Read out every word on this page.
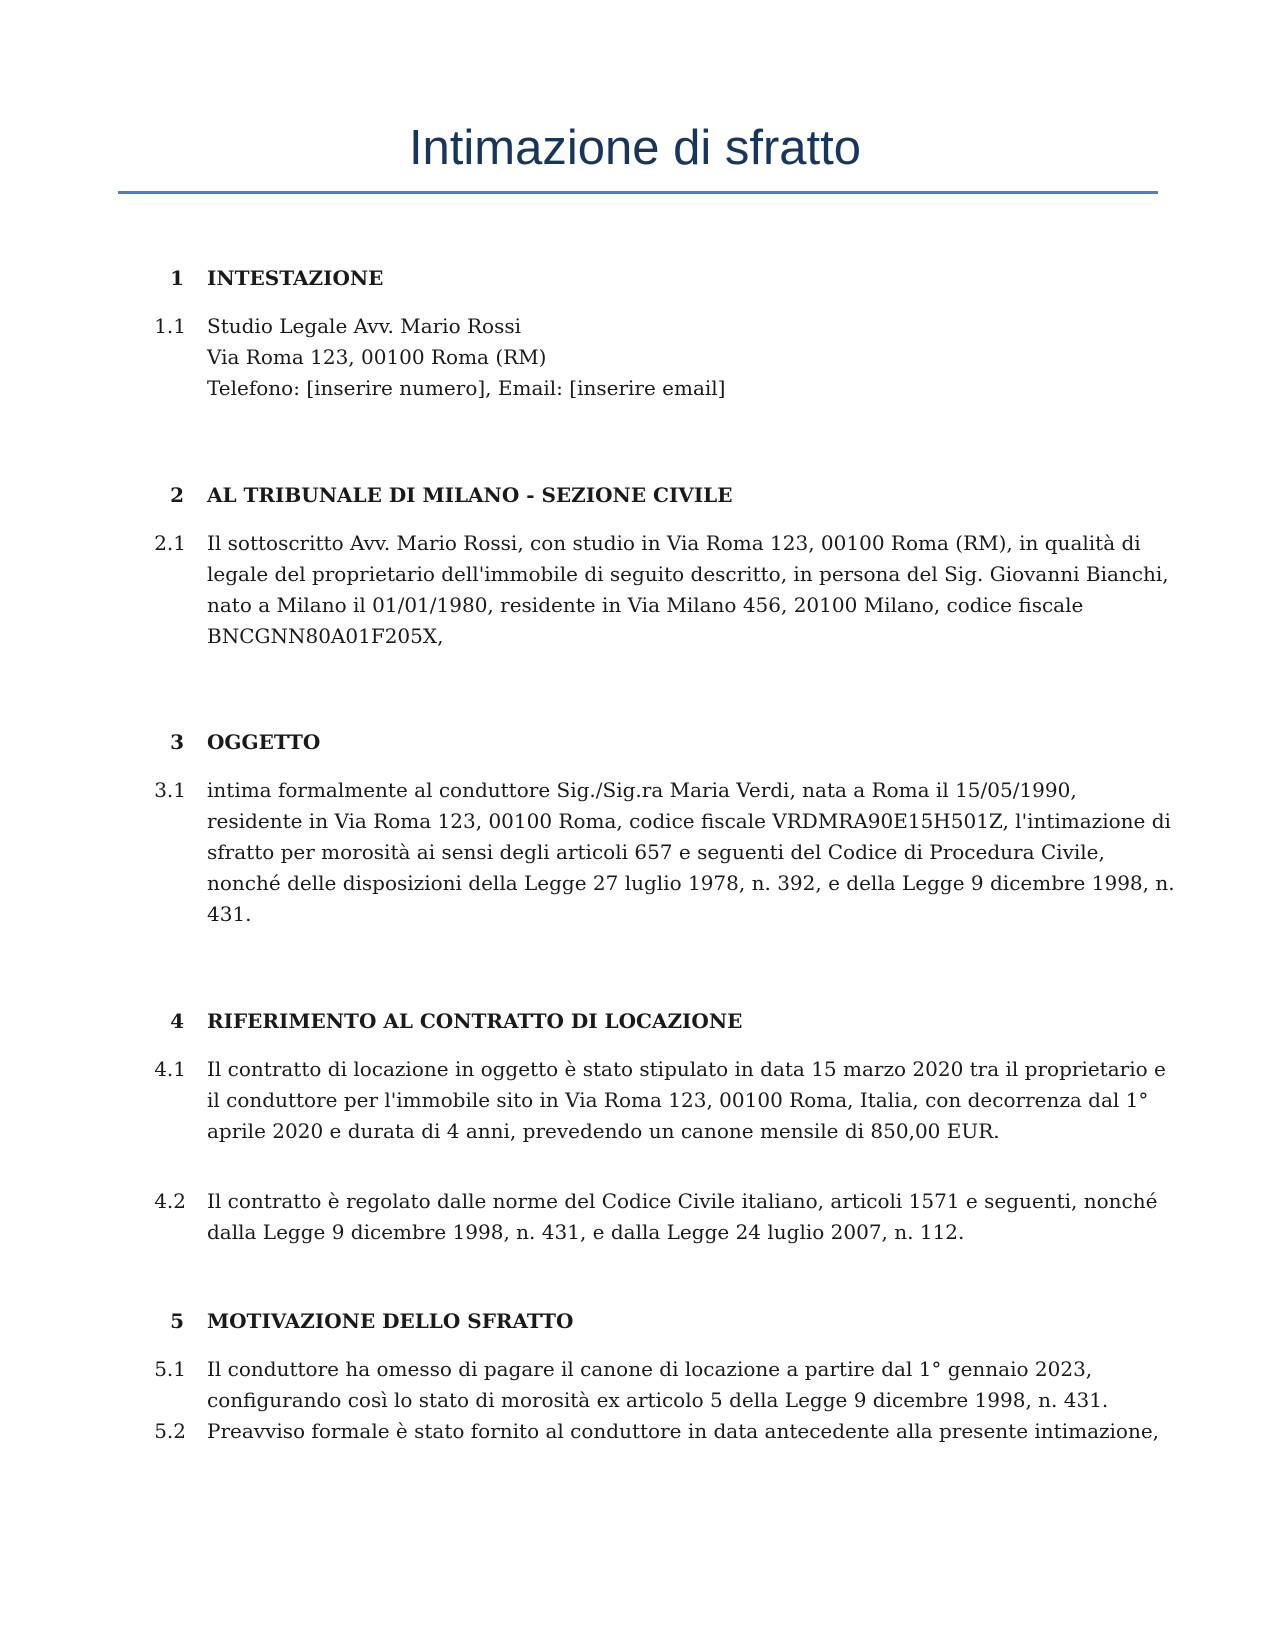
Intimazione di sfratto
1 INTESTAZIONE
1.1 Studio Legale Avv. Mario Rossi
Via Roma 123, 00100 Roma (RM)
Telefono: [inserire numero], Email: [inserire email]
2 AL TRIBUNALE DI MILANO - SEZIONE CIVILE
2.1 Il sottoscritto Avv. Mario Rossi, con studio in Via Roma 123, 00100 Roma (RM), in qualità di
legale del proprietario dell'immobile di seguito descritto, in persona del Sig. Giovanni Bianchi,
nato a Milano il 01/01/1980, residente in Via Milano 456, 20100 Milano, codice fiscale
BNCGNN80A01F205X,
3 OGGETTO
3.1 intima formalmente al conduttore Sig./Sig.ra Maria Verdi, nata a Roma il 15/05/1990,
residente in Via Roma 123, 00100 Roma, codice fiscale VRDMRA90E15H501Z, l'intimazione di
sfratto per morosità ai sensi degli articoli 657 e seguenti del Codice di Procedura Civile,
nonché delle disposizioni della Legge 27 luglio 1978, n. 392, e della Legge 9 dicembre 1998, n.
431.
4 RIFERIMENTO AL CONTRATTO DI LOCAZIONE
4.1 Il contratto di locazione in oggetto è stato stipulato in data 15 marzo 2020 tra il proprietario e
il conduttore per l'immobile sito in Via Roma 123, 00100 Roma, Italia, con decorrenza dal 1°
aprile 2020 e durata di 4 anni, prevedendo un canone mensile di 850,00 EUR.
4.2 Il contratto è regolato dalle norme del Codice Civile italiano, articoli 1571 e seguenti, nonché
dalla Legge 9 dicembre 1998, n. 431, e dalla Legge 24 luglio 2007, n. 112.
5 MOTIVAZIONE DELLO SFRATTO
5.1 Il conduttore ha omesso di pagare il canone di locazione a partire dal 1° gennaio 2023,
configurando così lo stato di morosità ex articolo 5 della Legge 9 dicembre 1998, n. 431.
5.2 Preavviso formale è stato fornito al conduttore in data antecedente alla presente intimazione,
